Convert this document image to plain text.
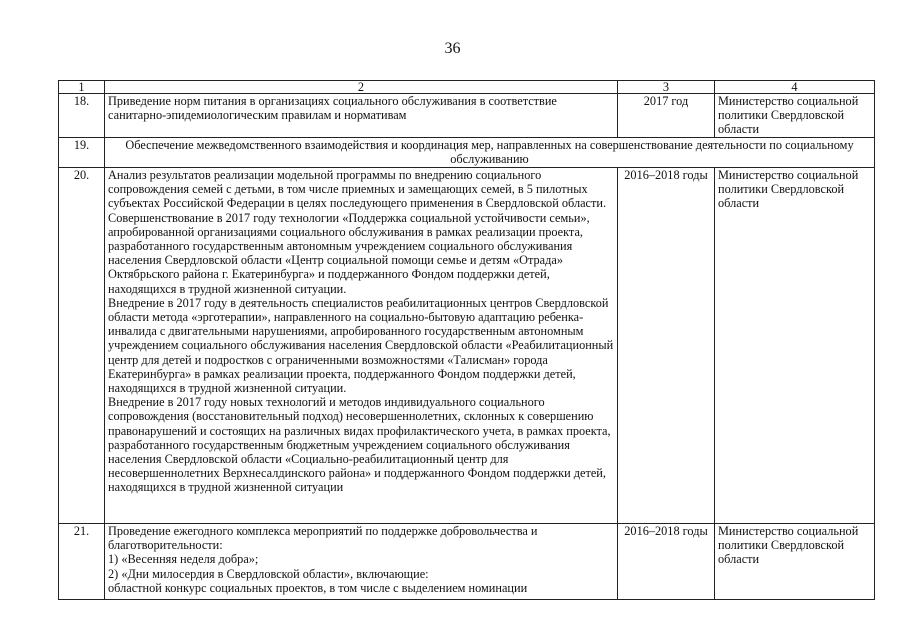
36
1	2	3	4
18.	Приведение норм питания в организациях социального обслуживания в соответствие санитарно-эпидемиологическим правилам и нормативам	2017 год	Министерство социальной политики Свердловской области
19.	Обеспечение межведомственного взаимодействия и координация мер, направленных на совершенствование деятельности по социальному обслуживанию		
20.	Анализ результатов реализации модельной программы по внедрению социального сопровождения семей с детьми, в том числе приемных и замещающих семей, в 5 пилотных субъектах Российской Федерации в целях последующего применения в Свердловской области.

Совершенствование в 2017 году технологии «Поддержка социальной устойчивости семьи», апробированной организациями социального обслуживания в рамках реализации проекта, разработанного государственным автономным учреждением социального обслуживания населения Свердловской области «Центр социальной помощи семье и детям «Отрада» Октябрьского района г. Екатеринбурга» и поддержанного Фондом поддержки детей, находящихся в трудной жизненной ситуации.

Внедрение в 2017 году в деятельность специалистов реабилитационных центров Свердловской области метода «эрготерапии», направленного на социально-бытовую адаптацию ребенка-инвалида с двигательными нарушениями, апробированного государственным автономным учреждением социального обслуживания населения Свердловской области «Реабилитационный центр для детей и подростков с ограниченными возможностями «Талисман» города Екатеринбурга» в рамках реализации проекта, поддержанного Фондом поддержки детей, находящихся в трудной жизненной ситуации.

Внедрение в 2017 году новых технологий и методов индивидуального социального сопровождения (восстановительный подход) несовершеннолетних, склонных к совершению правонарушений и состоящих на различных видах профилактического учета, в рамках проекта, разработанного государственным бюджетным учреждением социального обслуживания населения Свердловской области «Социально-реабилитационный центр для несовершеннолетних Верхнесалдинского района» и поддержанного Фондом поддержки детей, находящихся в трудной жизненной ситуации	2016–2018 годы	Министерство социальной политики Свердловской области
21.	Проведение ежегодного комплекса мероприятий по поддержке добровольчества и благотворительности:

1) «Весенняя неделя добра»;

2) «Дни милосердия в Свердловской области», включающие:

областной конкурс социальных проектов, в том числе с выделением номинации	2016–2018 годы	Министерство социальной политики Свердловской области
